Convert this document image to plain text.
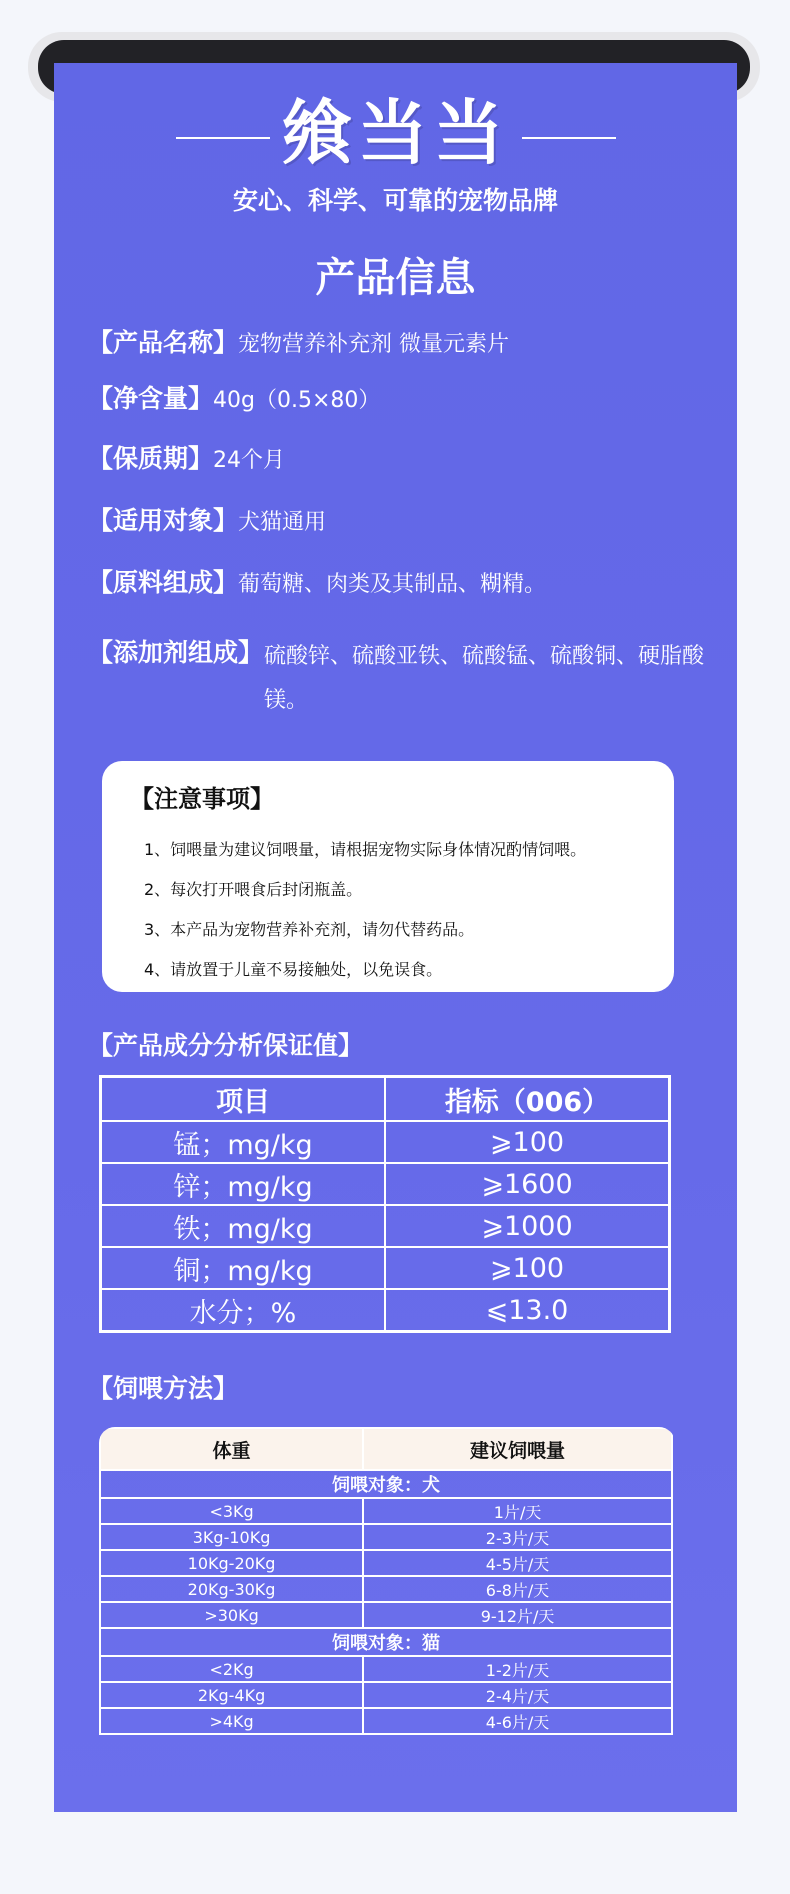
飨当当
安心、科学、可靠的宠物品牌
产品信息
【产品名称】宠物营养补充剂 微量元素片
【净含量】40g（0.5×80）
【保质期】24个月
【适用对象】犬猫通用
【原料组成】葡萄糖、肉类及其制品、糊精。
【添加剂组成】 硫酸锌、硫酸亚铁、硫酸锰、硫酸铜、硬脂酸镁。
【注意事项】
1、饲喂量为建议饲喂量，请根据宠物实际身体情况酌情饲喂。
2、每次打开喂食后封闭瓶盖。
3、本产品为宠物营养补充剂，请勿代替药品。
4、请放置于儿童不易接触处，以免误食。
【产品成分分析保证值】
项目	指标（006）
锰；mg/kg	⩾100
锌；mg/kg	⩾1600
铁；mg/kg	⩾1000
铜；mg/kg	⩾100
水分；%	⩽13.0
【饲喂方法】
体重	建议饲喂量
饲喂对象：犬	
<3Kg	1片/天
3Kg-10Kg	2-3片/天
10Kg-20Kg	4-5片/天
20Kg-30Kg	6-8片/天
>30Kg	9-12片/天
饲喂对象：猫	
<2Kg	1-2片/天
2Kg-4Kg	2-4片/天
>4Kg	4-6片/天
